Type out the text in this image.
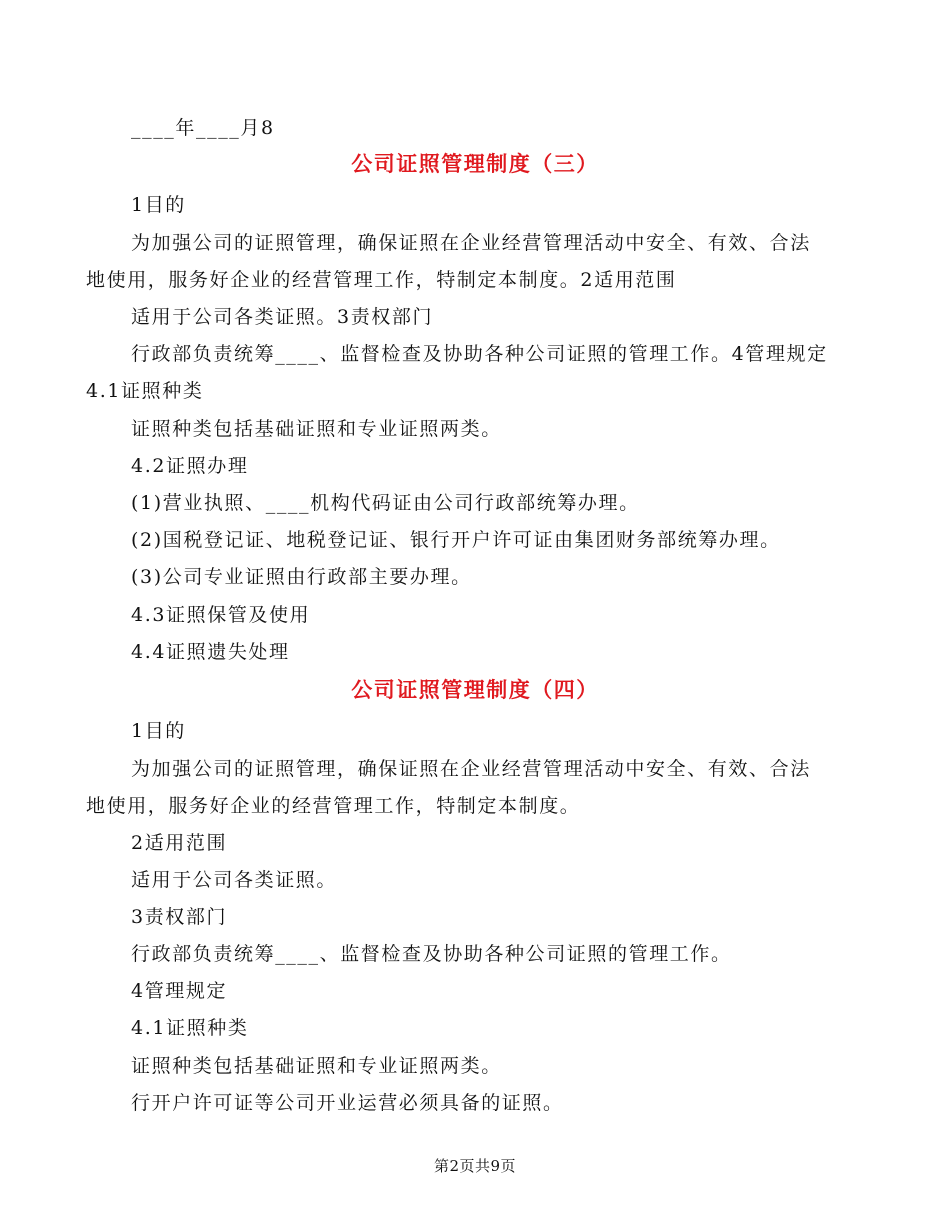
____年____月8
公司证照管理制度（三）
1目的
为加强公司的证照管理，确保证照在企业经营管理活动中安全、有效、合法
地使用，服务好企业的经营管理工作，特制定本制度。2适用范围
适用于公司各类证照。3责权部门
行政部负责统筹____、监督检查及协助各种公司证照的管理工作。4管理规定
4.1证照种类
证照种类包括基础证照和专业证照两类。
4.2证照办理
(1)营业执照、____机构代码证由公司行政部统筹办理。
(2)国税登记证、地税登记证、银行开户许可证由集团财务部统筹办理。
(3)公司专业证照由行政部主要办理。
4.3证照保管及使用
4.4证照遗失处理
公司证照管理制度（四）
1目的
为加强公司的证照管理，确保证照在企业经营管理活动中安全、有效、合法
地使用，服务好企业的经营管理工作，特制定本制度。
2适用范围
适用于公司各类证照。
3责权部门
行政部负责统筹____、监督检查及协助各种公司证照的管理工作。
4管理规定
4.1证照种类
证照种类包括基础证照和专业证照两类。
行开户许可证等公司开业运营必须具备的证照。
第2页共9页
